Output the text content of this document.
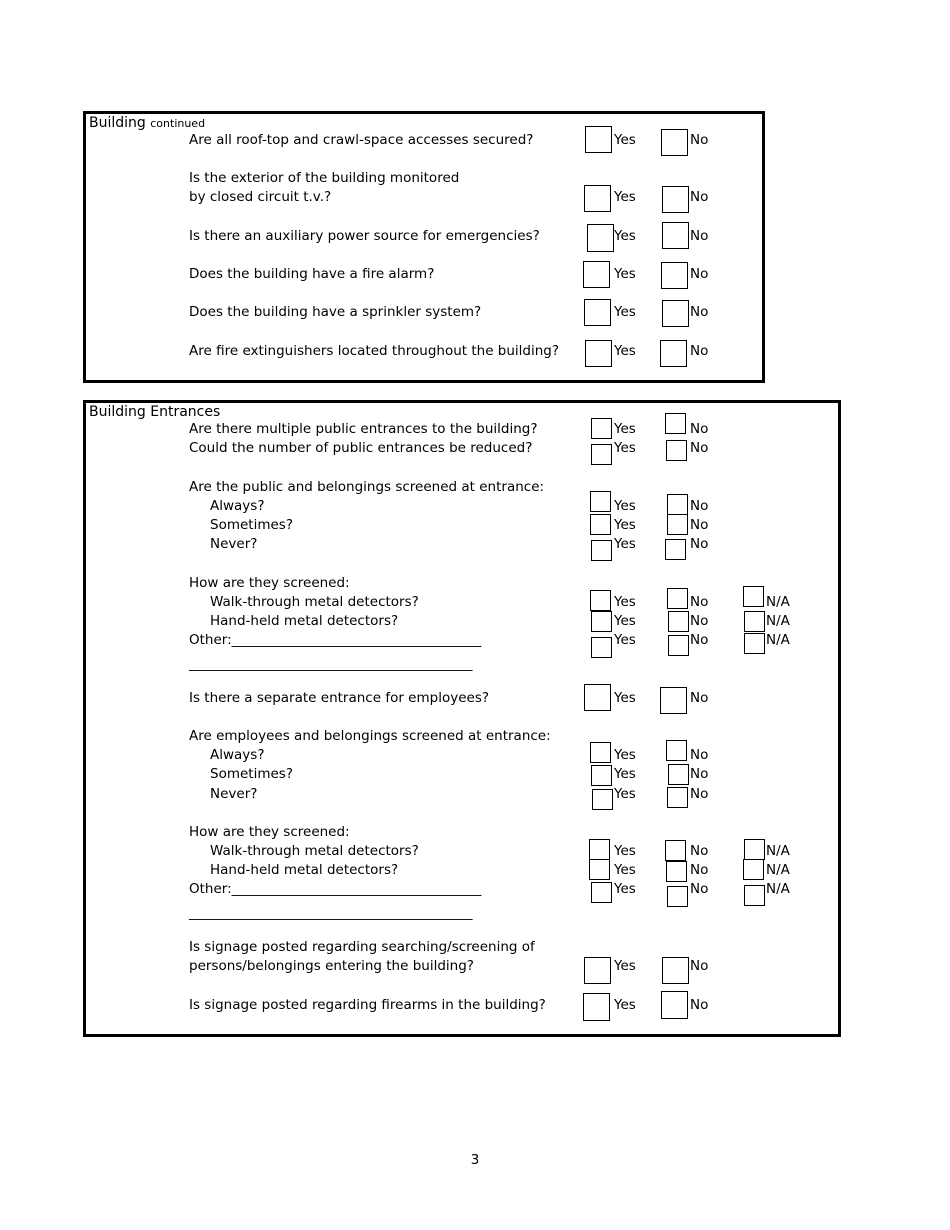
Building continued
Are all roof-top and crawl-space accesses secured?	Yes	No
Is the exterior of the building monitored
by closed circuit t.v.?	Yes	No
Is there an auxiliary power source for emergencies?	Yes	No
Does the building have a fire alarm?	Yes	No
Does the building have a sprinkler system?	Yes	No
Are fire extinguishers located throughout the building?	Yes	No
Building Entrances
Are there multiple public entrances to the building?	Yes	No
Could the number of public entrances be reduced?	Yes	No
Are the public and belongings screened at entrance:
Always?	Yes	No
Sometimes?	Yes	No
Never?	Yes	No
How are they screened:
Walk-through metal detectors?	Yes	No	N/A
Hand-held metal detectors?	Yes	No	N/A
Other:_____________________________________	Yes	No	N/A
__________________________________________
Is there a separate entrance for employees?	Yes	No
Are employees and belongings screened at entrance:
Always?	Yes	No
Sometimes?	Yes	No
Never?	Yes	No
How are they screened:
Walk-through metal detectors?	Yes	No	N/A
Hand-held metal detectors?	Yes	No	N/A
Other:_____________________________________	Yes	No	N/A
__________________________________________
Is signage posted regarding searching/screening of
persons/belongings entering the building?	Yes	No
Is signage posted regarding firearms in the building?	Yes	No
3
